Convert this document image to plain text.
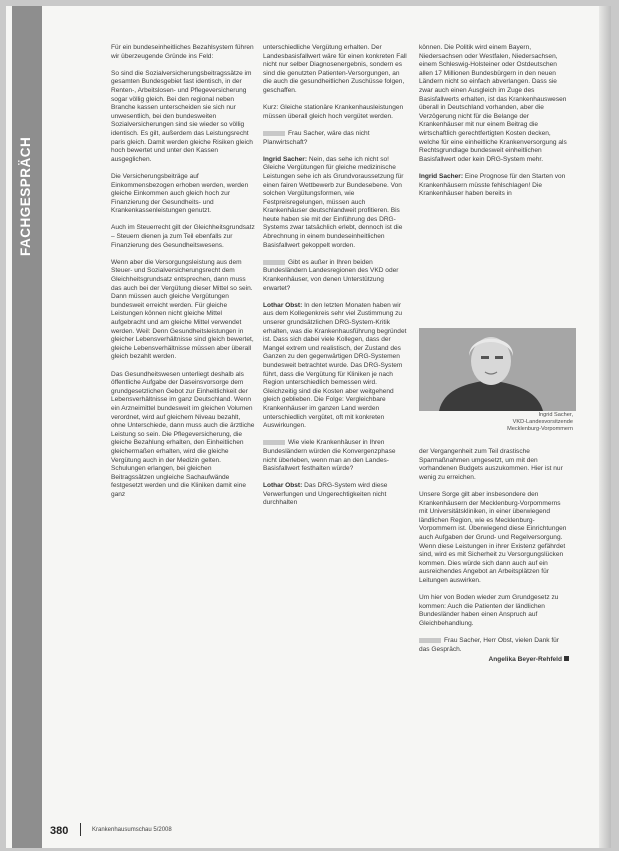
FACHGESPRÄCH

Für ein bundeseinheitliches Bezahlsystem führen wir überzeugende Gründe ins Feld:

So sind die Sozialversicherungsbeitragssätze im gesamten Bundesgebiet fast identisch, in der Renten-, Arbeitslosen- und Pflegeversicherung sogar völlig gleich. Bei den regional neben Branche kassen unterscheiden sie sich nur unwesentlich, bei den bundesweiten Sozialversicherungen sind sie wieder so völlig identisch. Es gilt, außerdem das Leistungsrecht paris gleich. Damit werden gleiche Risiken gleich hoch bewertet und unter den Kassen ausgeglichen.

Die Versicherungsbeiträge auf Einkommensbezogen erhoben werden, werden gleiche Einkommen auch gleich hoch zur Finanzierung der Gesundheits- und Krankenkassenleistungen genutzt.

Auch im Steuerrecht gilt der Gleichheitsgrundsatz – Steuern dienen ja zum Teil ebenfalls zur Finanzierung des Gesundheitswesens.

Wenn aber die Versorgungsleistung aus dem Steuer- und Sozialversicherungsrecht dem Gleichheitsgrundsatz entsprechen, dann muss das auch bei der Vergütung dieser Mittel so sein. Dann müssen auch gleiche Vergütungen bundesweit erreicht werden. Für gleiche Leistungen können nicht gleiche Mittel aufgebracht und am gleiche Mittel verwendet werden. Weil: Denn Gesundheitsleistungen in gleicher Lebensverhältnisse sind gleich bewertet, gleiche Lebensverhältnisse müssen aber überall gleich bezahlt werden.

Das Gesundheitswesen unterliegt deshalb als öffentliche Aufgabe der Daseinsvorsorge dem grundgesetzlichen Gebot zur Einheitlichkeit der Lebensverhältnisse im ganz Deutschland. Wenn ein Arzneimittel bundesweit im gleichen Volumen verordnet, wird auf gleichem Niveau bezahlt, ohne Unterschiede, dann muss auch die ärztliche Leistung so sein. Die Pflegeversicherung, die gleiche Bezahlung erhalten, den Einheitlichen gleichermaßen erhalten, wird die gleiche Vergütung auch in der Medizin gelten. Schulungen erlangen, bei gleichen Beitragssätzen ungleiche Sachaufwände festgesetzt werden und die Kliniken damit eine ganz

unterschiedliche Vergütung erhalten. Der Landesbasisfallwert wäre für einen konkreten Fall nicht nur selber Diagnosenergebnis, sondern es sind die genutzten Patienten-Versorgungen, an die auch die gesundheitlichen Zuschüsse folgen, geschaffen.

Kurz: Gleiche stationäre Krankenhausleistungen müssen überall gleich hoch vergütet werden.

Frau Sacher, wäre das nicht Planwirtschaft?

Ingrid Sacher: Nein, das sehe ich nicht so! Gleiche Vergütungen für gleiche medizinische Leistungen sehe ich als Grundvoraussetzung für einen fairen Wettbewerb zur Bundesebene. Von solchen Vergütungsformen, wie Festpreisregelungen, müssen auch Krankenhäuser deutschlandweit profitieren. Bis heute haben sie mit der Einführung des DRG-Systems zwar tatsächlich erlebt, dennoch ist die Abrechnung in einem bundeseinheitlichen Basisfallwert gekoppelt worden.

Gibt es außer in Ihren beiden Bundesländern Landesregionen des VKD oder Krankenhäuser, von denen Unterstützung erwartet?

Lothar Obst: In den letzten Monaten haben wir aus dem Kollegenkreis sehr viel Zustimmung zu unserer grundsätzlichen DRG-System-Kritik erhalten, was die Krankenhausführung begründet ist. Dass sich dabei viele Kollegen, dass der Mangel extrem und realistisch, der Zustand des Ganzen zu den gegenwärtigen DRG-Systemen bundesweit betrachtet wurde. Das DRG-System führt, dass die Vergütung für Kliniken je nach Region unterschiedlich bemessen wird. Gleichzeitig sind die Kosten aber weitgehend gleich geblieben. Die Folge: Vergleichbare Krankenhäuser im ganzen Land werden unterschiedlich vergütet, oft mit konkreten Auswirkungen.

Wie viele Krankenhäuser in Ihren Bundesländern würden die Konvergenzphase nicht überleben, wenn man an den Landes-Basisfallwert festhalten würde?

Lothar Obst: Das DRG-System wird diese Verwerfungen und Ungerechtigkeiten nicht durchhalten

können. Die Politik wird einem Bayern, Niedersachsen oder Westfalen, Niedersachsen, einem Schleswig-Holsteiner oder Ostdeutschen allen 17 Millionen Bundesbürgern in den neuen Ländern nicht so einfach abverlangen. Dass sie zwar auch einen Ausgleich im Zuge des Basisfallwerts erhalten, ist das Krankenhauswesen überall in Deutschland vorhanden, aber die Verzögerung nicht für die Belange der Krankenhäuser mit nur einem Beitrag die wirtschaftlich gerechtfertigten Kosten decken, welche für eine einheitliche Krankenversorgung als Rechtsgrundlage bundesweit einheitlichen Basisfallwert oder kein DRG-System mehr.

Ingrid Sacher: Eine Prognose für den Starten von Krankenhäusern müsste fehlschlagen! Die Krankenhäuser haben bereits in

Ingrid Sacher,
VKD-Landesvorsitzende
Mecklenburg-Vorpommern

der Vergangenheit zum Teil drastische Sparmaßnahmen umgesetzt, um mit den vorhandenen Budgets auszukommen. Hier ist nur wenig zu erreichen.

Unsere Sorge gilt aber insbesondere den Krankenhäusern der Mecklenburg-Vorpommerns mit Universitätskliniken, in einer überwiegend ländlichen Region, wie es Mecklenburg-Vorpommern ist. Überwiegend diese Einrichtungen auch Aufgaben der Grund- und Regelversorgung. Wenn diese Leistungen in ihrer Existenz gefährdet sind, wird es mit Sicherheit zu Versorgungslücken kommen. Dies würde sich dann auch auf ein ausreichendes Angebot an Arbeitsplätzen für Leitungen auswirken.

Um hier von Boden wieder zum Grundgesetz zu kommen: Auch die Patienten der ländlichen Bundesländer haben einen Anspruch auf Gleichbehandlung.

Frau Sacher, Herr Obst, vielen Dank für das Gespräch.

Angelika Beyer-Rehfeld
380	Krankenhausumschau 5/2008
